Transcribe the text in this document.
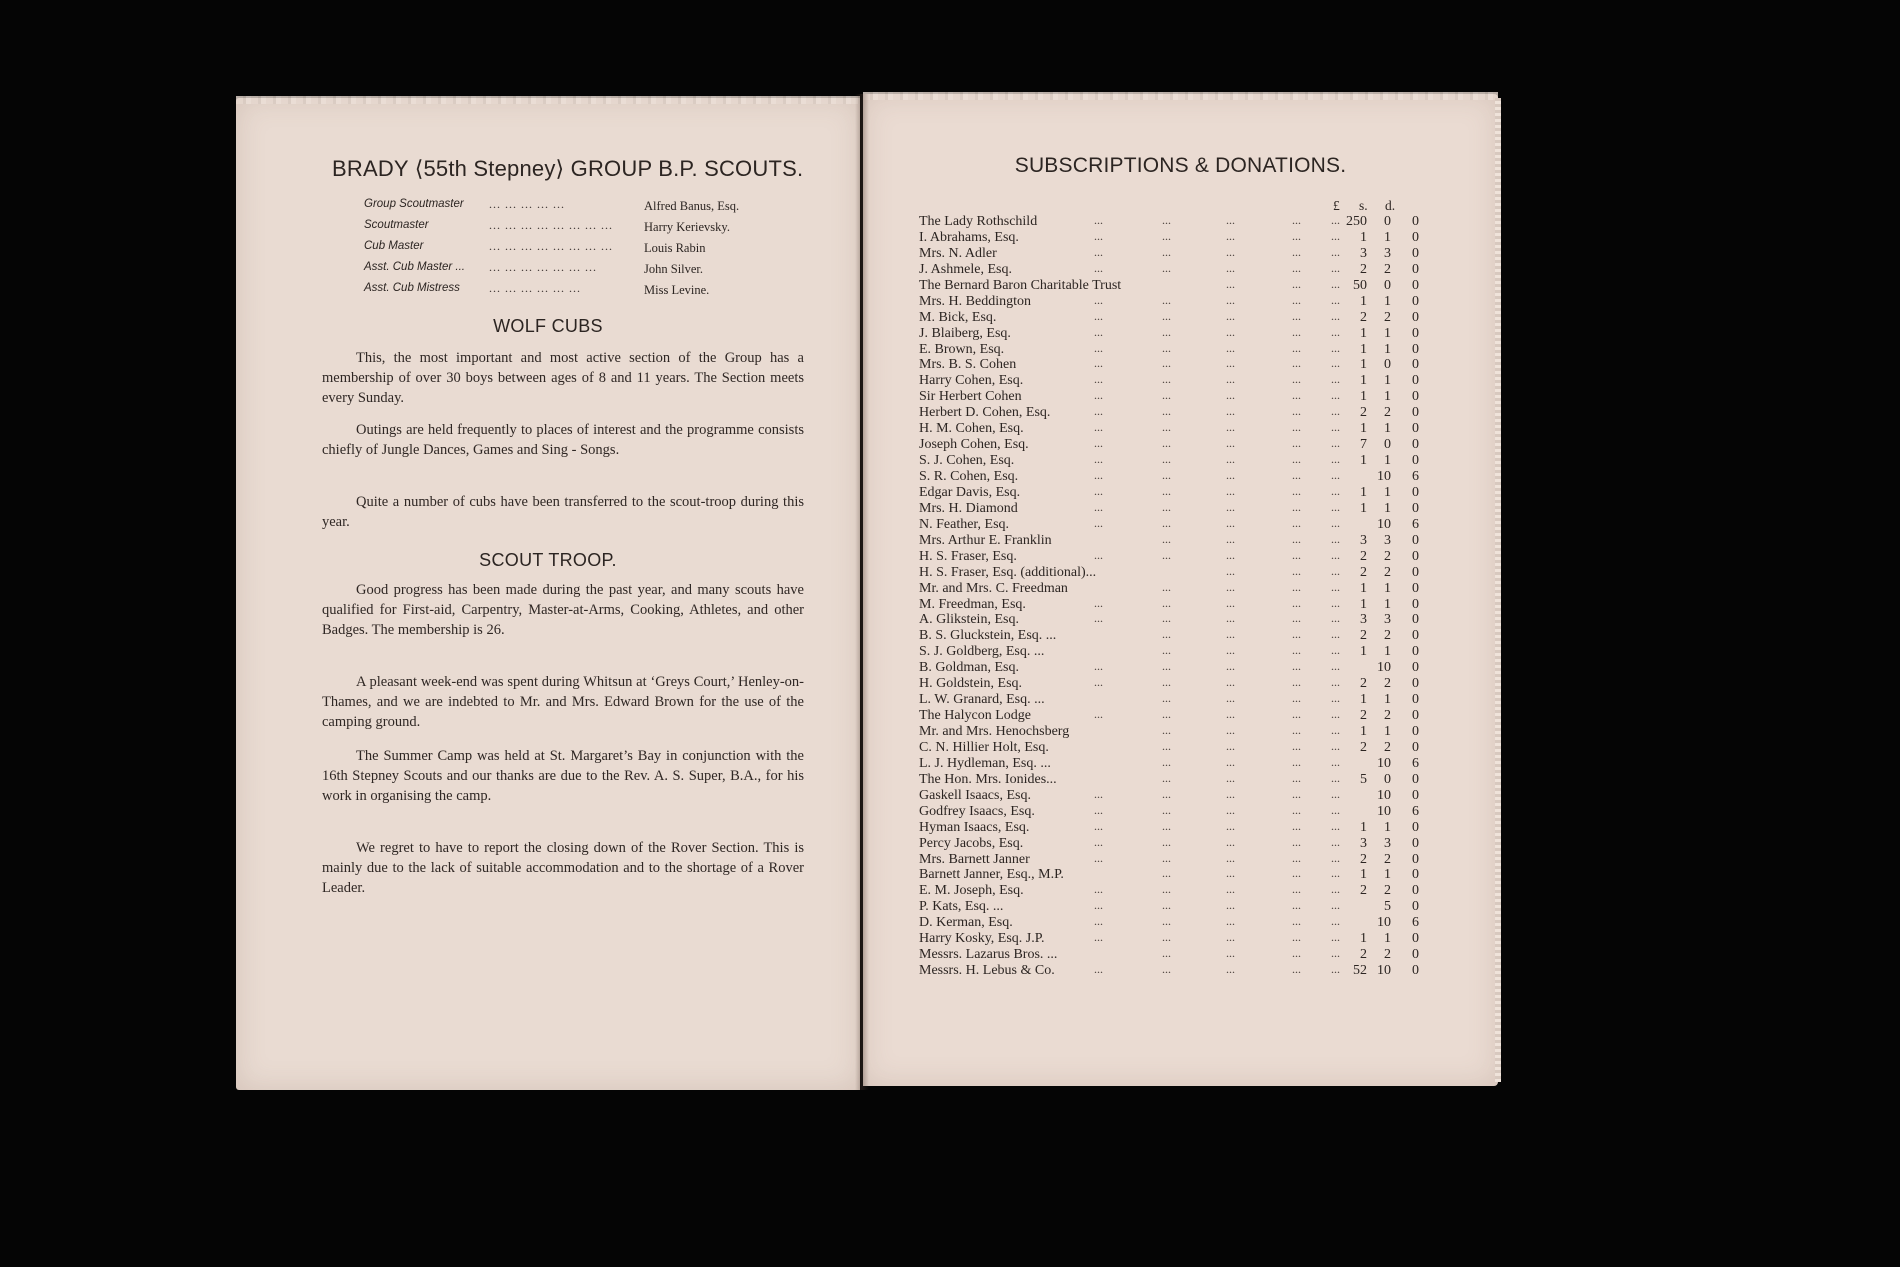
BRADY ⟨55th Stepney⟩ GROUP B.P. SCOUTS.
Group Scoutmaster ... ... ... ... ...	Alfred Banus, Esq.
Scoutmaster	... ... ... ... ... ... ... ... Harry Kerievsky.
Cub Master	... ... ... ... ... ... ... ... Louis Rabin
Asst. Cub Master ... ... ... ... ... ... ... ...	John Silver.
Asst. Cub Mistress ... ... ... ... ... ...	Miss Levine.
WOLF CUBS
This, the most important and most active section of the Group has a membership of over 30 boys between ages of 8 and 11 years. The Section meets every Sunday.
Outings are held frequently to places of interest and the programme consists chiefly of Jungle Dances, Games and Sing - Songs.
Quite a number of cubs have been transferred to the scout-troop during this year.
SCOUT TROOP.
Good progress has been made during the past year, and many scouts have qualified for First-aid, Carpentry, Master-at-Arms, Cooking, Athletes, and other Badges. The membership is 26.
A pleasant week-end was spent during Whitsun at ‘Greys Court,’ Henley-on-Thames, and we are indebted to Mr. and Mrs. Edward Brown for the use of the camping ground.
The Summer Camp was held at St. Margaret’s Bay in conjunction with the 16th Stepney Scouts and our thanks are due to the Rev. A. S. Super, B.A., for his work in organising the camp.
We regret to have to report the closing down of the Rover Section. This is mainly due to the lack of suitable accommodation and to the shortage of a Rover Leader.
SUBSCRIPTIONS & DONATIONS.
£ s. d.
The Lady Rothschild	...	...	...	...	... 250	0	0
I. Abrahams, Esq.	...	...	...	...	... 1	1	0
Mrs. N. Adler	...	...	...	...	... 3	3	0
J. Ashmele, Esq.	...	...	...	...	... 2	2	0
The Bernard Baron Charitable Trust	...	...	... 50	0	0
Mrs. H. Beddington	...	...	...	...	... 1	1	0
M. Bick, Esq.	...	...	...	...	... 2	2	0
J. Blaiberg, Esq.	...	...	...	...	... 1	1	0
E. Brown, Esq.	...	...	...	...	... 1	1	0
Mrs. B. S. Cohen	...	...	...	...	... 1	0	0
Harry Cohen, Esq.	...	...	...	...	... 1	1	0
Sir Herbert Cohen	...	...	...	...	... 1	1	0
Herbert D. Cohen, Esq.	...	...	...	...	... 2	2	0
H. M. Cohen, Esq.	...	...	...	...	... 1	1	0
Joseph Cohen, Esq.	...	...	...	...	... 7	0	0
S. J. Cohen, Esq.	...	...	...	...	... 1	1	0
S. R. Cohen, Esq.	...	...	...	...	...	10	6
Edgar Davis, Esq.	...	...	...	...	... 1	1	0
Mrs. H. Diamond	...	...	...	...	... 1	1	0
N. Feather, Esq.	...	...	...	...	...	10	6
Mrs. Arthur E. Franklin	...	...	...	... 3	3	0
H. S. Fraser, Esq.	...	...	...	...	... 2	2	0
H. S. Fraser, Esq. (additional)...	...	...	... 2	2	0
Mr. and Mrs. C. Freedman	...	...	...	... 1	1	0
M. Freedman, Esq.	...	...	...	...	... 1	1	0
A. Glikstein, Esq.	...	...	...	...	... 3	3	0
B. S. Gluckstein, Esq. ...	...	...	...	... 2	2	0
S. J. Goldberg, Esq. ...	...	...	...	... 1	1	0
B. Goldman, Esq.	...	...	...	...	...	10	0
H. Goldstein, Esq.	...	...	...	...	... 2	2	0
L. W. Granard, Esq. ...	...	...	...	... 1	1	0
The Halycon Lodge	...	...	...	...	... 2	2	0
Mr. and Mrs. Henochsberg	...	...	...	... 1	1	0
C. N. Hillier Holt, Esq.	...	...	...	... 2	2	0
L. J. Hydleman, Esq. ...	...	...	...	...	10	6
The Hon. Mrs. Ionides...	...	...	...	... 5	0	0
Gaskell Isaacs, Esq.	...	...	...	...	...	10	0
Godfrey Isaacs, Esq.	...	...	...	...	...	10	6
Hyman Isaacs, Esq.	...	...	...	...	... 1	1	0
Percy Jacobs, Esq.	...	...	...	...	... 3	3	0
Mrs. Barnett Janner	...	...	...	...	... 2	2	0
Barnett Janner, Esq., M.P.	...	...	...	... 1	1	0
E. M. Joseph, Esq.	...	...	...	...	... 2	2	0
P. Kats, Esq. ...	...	...	...	...	...	5	0
D. Kerman, Esq.	...	...	...	...	...	10	6
Harry Kosky, Esq. J.P.	...	...	...	...	... 1	1	0
Messrs. Lazarus Bros. ...	...	...	...	... 2	2	0
Messrs. H. Lebus & Co.	...	...	...	...	... 52 10	0
